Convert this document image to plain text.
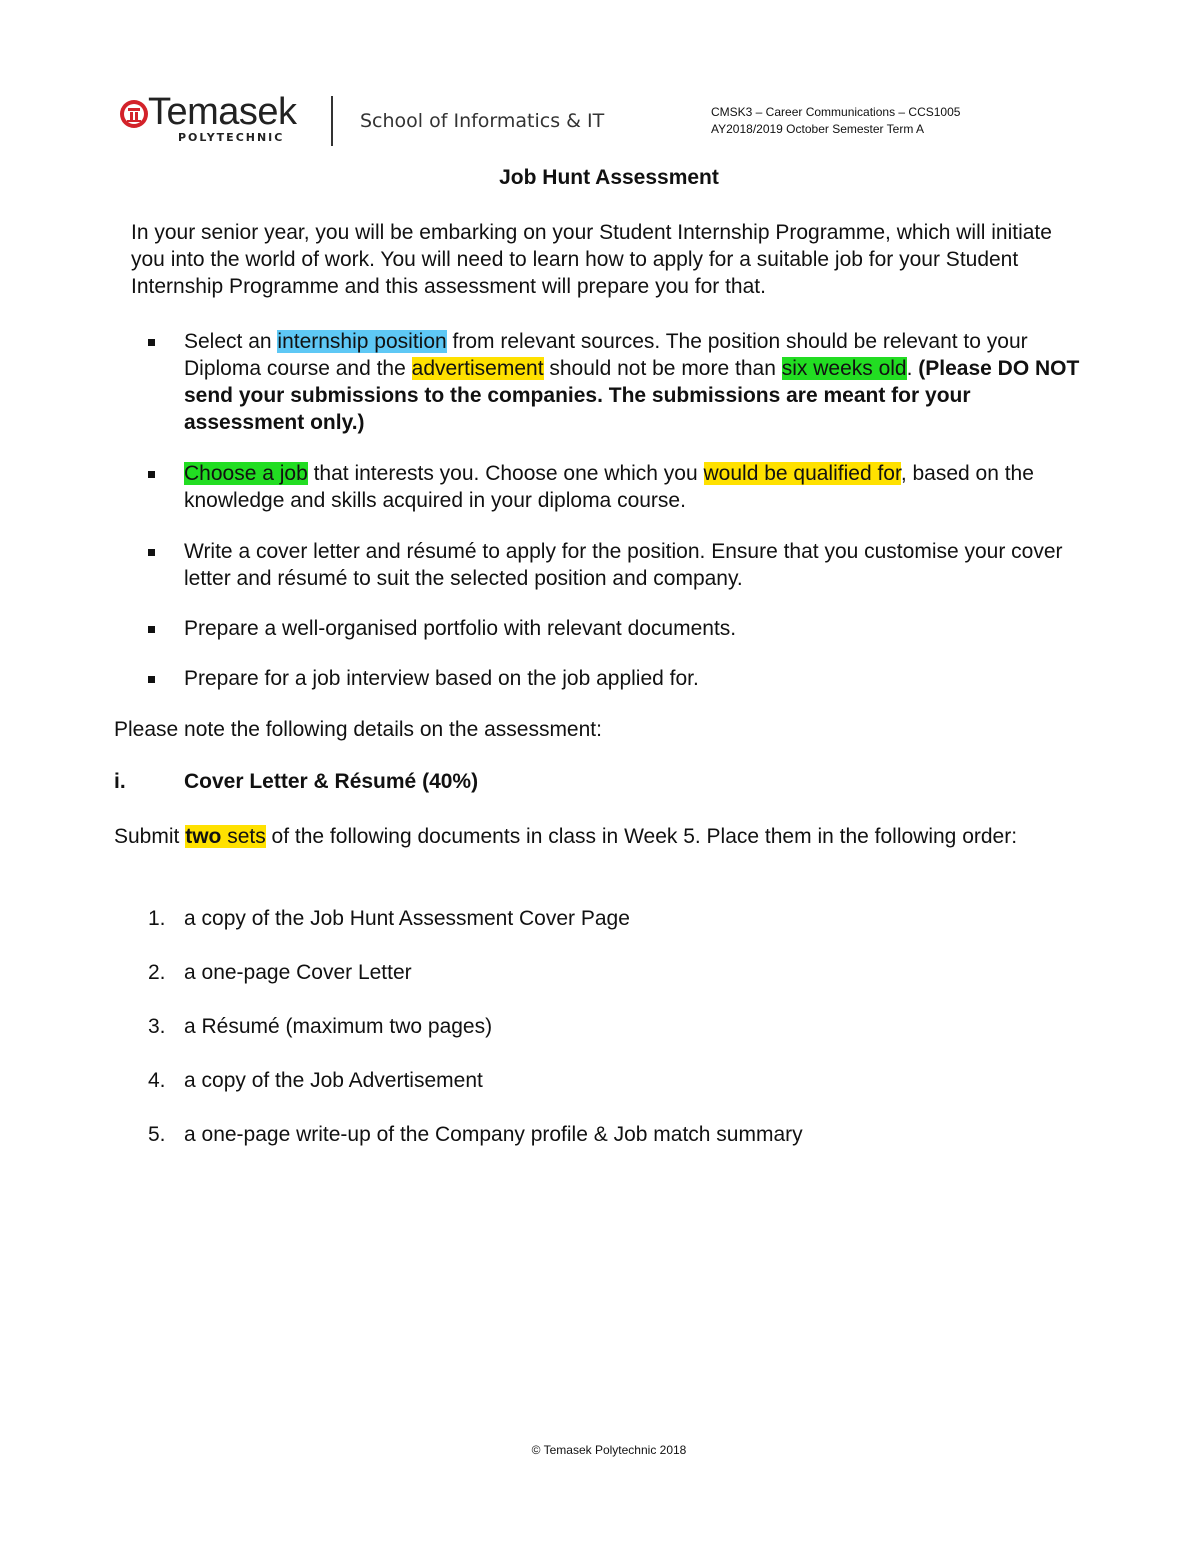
Temasek
POLYTECHNIC
School of Informatics & IT	CMSK3 – Career Communications – CCS1005
AY2018/2019 October Semester Term A
Job Hunt Assessment
In your senior year, you will be embarking on your Student Internship Programme, which will initiate you into the world of work. You will need to learn how to apply for a suitable job for your Student Internship Programme and this assessment will prepare you for that.
Select an internship position from relevant sources. The position should be relevant to your Diploma course and the advertisement should not be more than six weeks old. (Please DO NOT send your submissions to the companies. The submissions are meant for your assessment only.)
Choose a job that interests you. Choose one which you would be qualified for, based on the knowledge and skills acquired in your diploma course.
Write a cover letter and résumé to apply for the position. Ensure that you customise your cover letter and résumé to suit the selected position and company.
Prepare a well-organised portfolio with relevant documents.
Prepare for a job interview based on the job applied for.
Please note the following details on the assessment:
i.	Cover Letter & Résumé (40%)
Submit two sets of the following documents in class in Week 5. Place them in the following order:
1. a copy of the Job Hunt Assessment Cover Page
2. a one-page Cover Letter
3. a Résumé (maximum two pages)
4. a copy of the Job Advertisement
5. a one-page write-up of the Company profile & Job match summary
© Temasek Polytechnic 2018
